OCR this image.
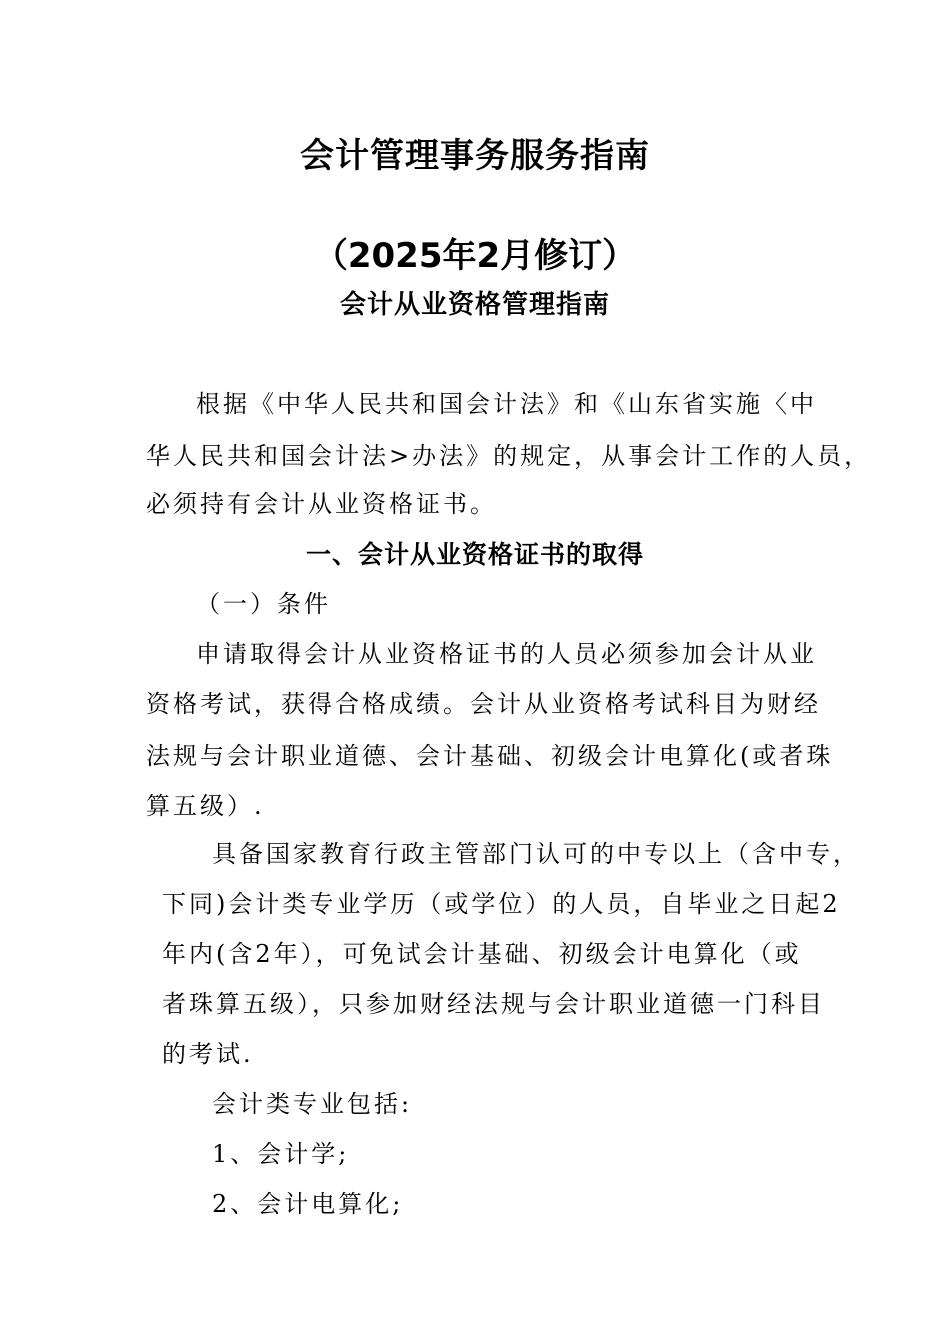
会计管理事务服务指南
（2025年2月修订）
会计从业资格管理指南
根据《中华人民共和国会计法》和《山东省实施〈中
华人民共和国会计法>办法》的规定，从事会计工作的人员，
必须持有会计从业资格证书。
一、会计从业资格证书的取得
（一）条件
申请取得会计从业资格证书的人员必须参加会计从业
资格考试，获得合格成绩。会计从业资格考试科目为财经
法规与会计职业道德、会计基础、初级会计电算化(或者珠
算五级）.
具备国家教育行政主管部门认可的中专以上（含中专，
下同)会计类专业学历（或学位）的人员，自毕业之日起2
年内(含2年），可免试会计基础、初级会计电算化（或
者珠算五级），只参加财经法规与会计职业道德一门科目
的考试.
会计类专业包括:
1、会计学;
2、会计电算化;
